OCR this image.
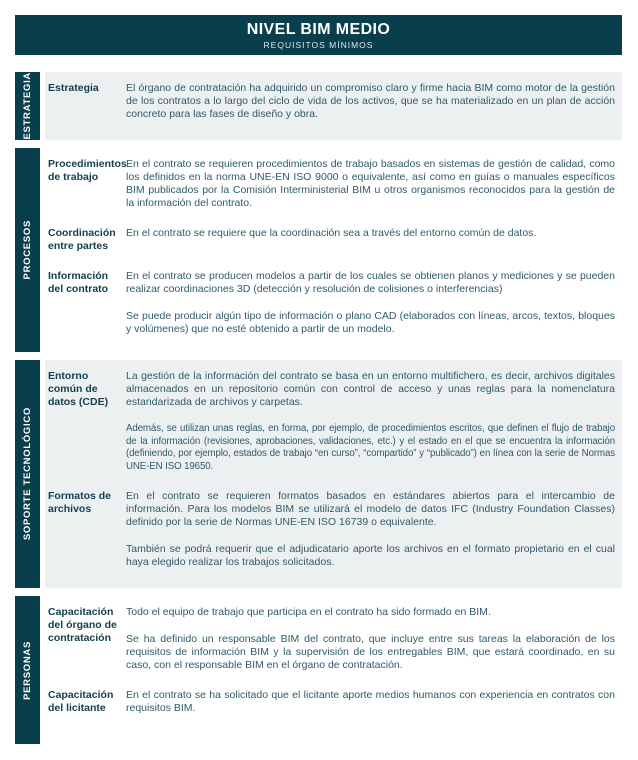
NIVEL BIM MEDIO
REQUISITOS MÍNIMOS
ESTRATEGIA Estrategia	El órgano de contratación ha adquirido un compromiso claro y firme hacia BIM como motor de la gestión de los contratos a lo largo del ciclo de vida de los activos, que se ha materializado en un plan de acción concreto para las fases de diseño y obra.

PROCESOS
Procedimientos de trabajo

En el contrato se requieren procedimientos de trabajo basados en sistemas de gestión de calidad, como los definidos en la norma UNE-EN ISO 9000 o equivalente, así como en guías o manuales específicos BIM publicados por la Comisión Interministerial BIM u otros organismos reconocidos para la gestión de la información del contrato.

Coordinación entre partes

En el contrato se requiere que la coordinación sea a través del entorno común de datos.

Información del contrato

En el contrato se producen modelos a partir de los cuales se obtienen planos y mediciones y se pueden realizar coordinaciones 3D (detección y resolución de colisiones o interferencias)

Se puede producir algún tipo de información o plano CAD (elaborados con líneas, arcos, textos, bloques y volúmenes) que no esté obtenido a partir de un modelo.

SOPORTE TECNOLÓGICO
Entorno común de datos (CDE)

La gestión de la información del contrato se basa en un entorno multifichero, es decir, archivos digitales almacenados en un repositorio común con control de acceso y unas reglas para la nomenclatura estandarizada de archivos y carpetas.

Además, se utilizan unas reglas, en forma, por ejemplo, de procedimientos escritos, que definen el flujo de trabajo de la información (revisiones, aprobaciones, validaciones, etc.) y el estado en el que se encuentra la información (definiendo, por ejemplo, estados de trabajo “en curso”, “compartido” y “publicado”) en línea con la serie de Normas UNE-EN ISO 19650.

Formatos de archivos

En el contrato se requieren formatos basados en estándares abiertos para el intercambio de información. Para los modelos BIM se utilizará el modelo de datos IFC (Industry Foundation Classes) definido por la serie de Normas UNE-EN ISO 16739 o equivalente.

También se podrá requerir que el adjudicatario aporte los archivos en el formato propietario en el cual haya elegido realizar los trabajos solicitados.

PERSONAS
Capacitación del órgano de contratación

Todo el equipo de trabajo que participa en el contrato ha sido formado en BIM.

Se ha definido un responsable BIM del contrato, que incluye entre sus tareas la elaboración de los requisitos de información BIM y la supervisión de los entregables BIM, que estará coordinado, en su caso, con el responsable BIM en el órgano de contratación.

Capacitación del licitante

En el contrato se ha solicitado que el licitante aporte medios humanos con experiencia en contratos con requisitos BIM.
